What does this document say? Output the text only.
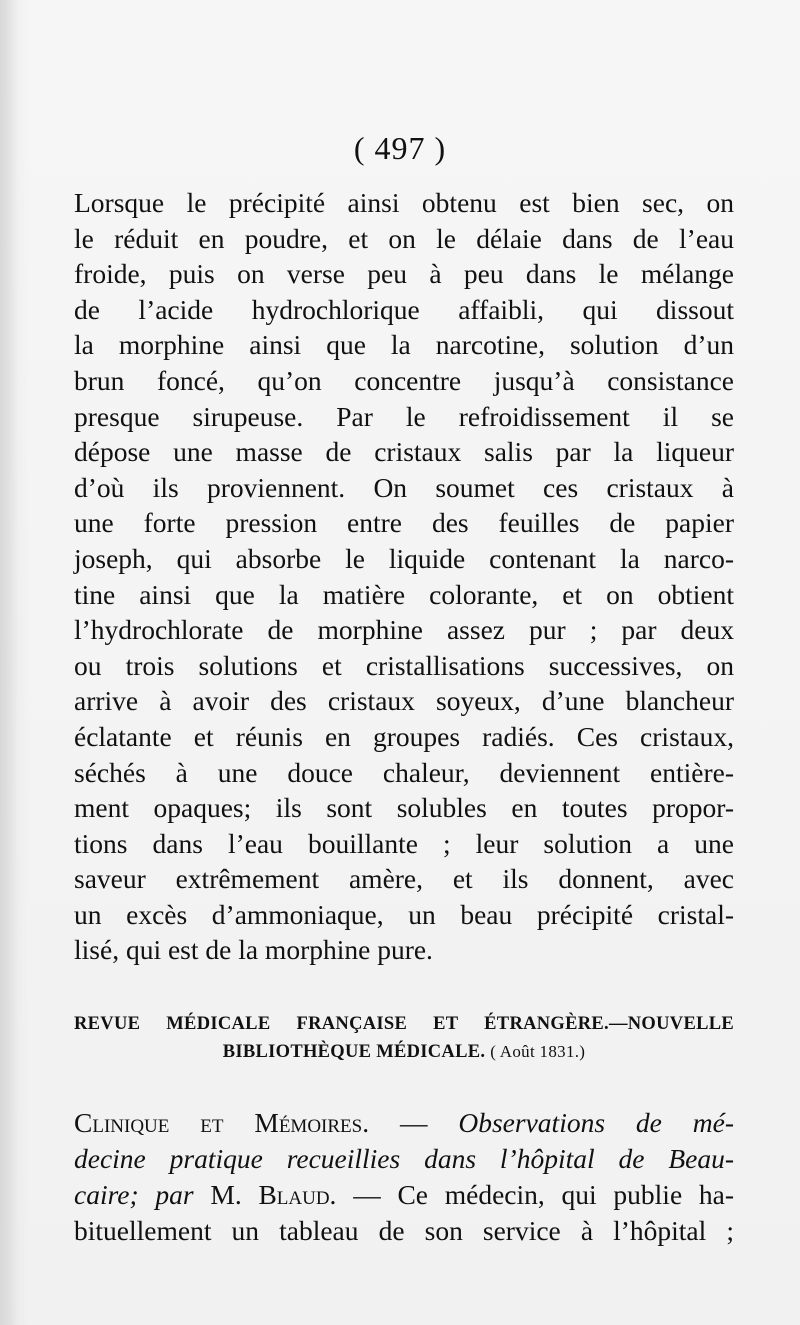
( 497 )
Lorsque le précipité ainsi obtenu est bien sec, on
le réduit en poudre, et on le délaie dans de l’eau
froide, puis on verse peu à peu dans le mélange
de l’acide hydrochlorique affaibli, qui dissout
la morphine ainsi que la narcotine, solution d’un
brun foncé, qu’on concentre jusqu’à consistance
presque sirupeuse. Par le refroidissement il se
dépose une masse de cristaux salis par la liqueur
d’où ils proviennent. On soumet ces cristaux à
une forte pression entre des feuilles de papier
joseph, qui absorbe le liquide contenant la narco-
tine ainsi que la matière colorante, et on obtient
l’hydrochlorate de morphine assez pur ; par deux
ou trois solutions et cristallisations successives, on
arrive à avoir des cristaux soyeux, d’une blancheur
éclatante et réunis en groupes radiés. Ces cristaux,
séchés à une douce chaleur, deviennent entière-
ment opaques; ils sont solubles en toutes propor-
tions dans l’eau bouillante ; leur solution a une
saveur extrêmement amère, et ils donnent, avec
un excès d’ammoniaque, un beau précipité cristal-
lisé, qui est de la morphine pure.
REVUE MÉDICALE FRANÇAISE ET ÉTRANGÈRE.—NOUVELLE
BIBLIOTHÈQUE MÉDICALE. ( Août 1831.)
Clinique et Mémoires. — Observations de mé-
decine pratique recueillies dans l’hôpital de Beau-
caire; par M. Blaud. — Ce médecin, qui publie ha-
bituellement un tableau de son service à l’hôpital ;
